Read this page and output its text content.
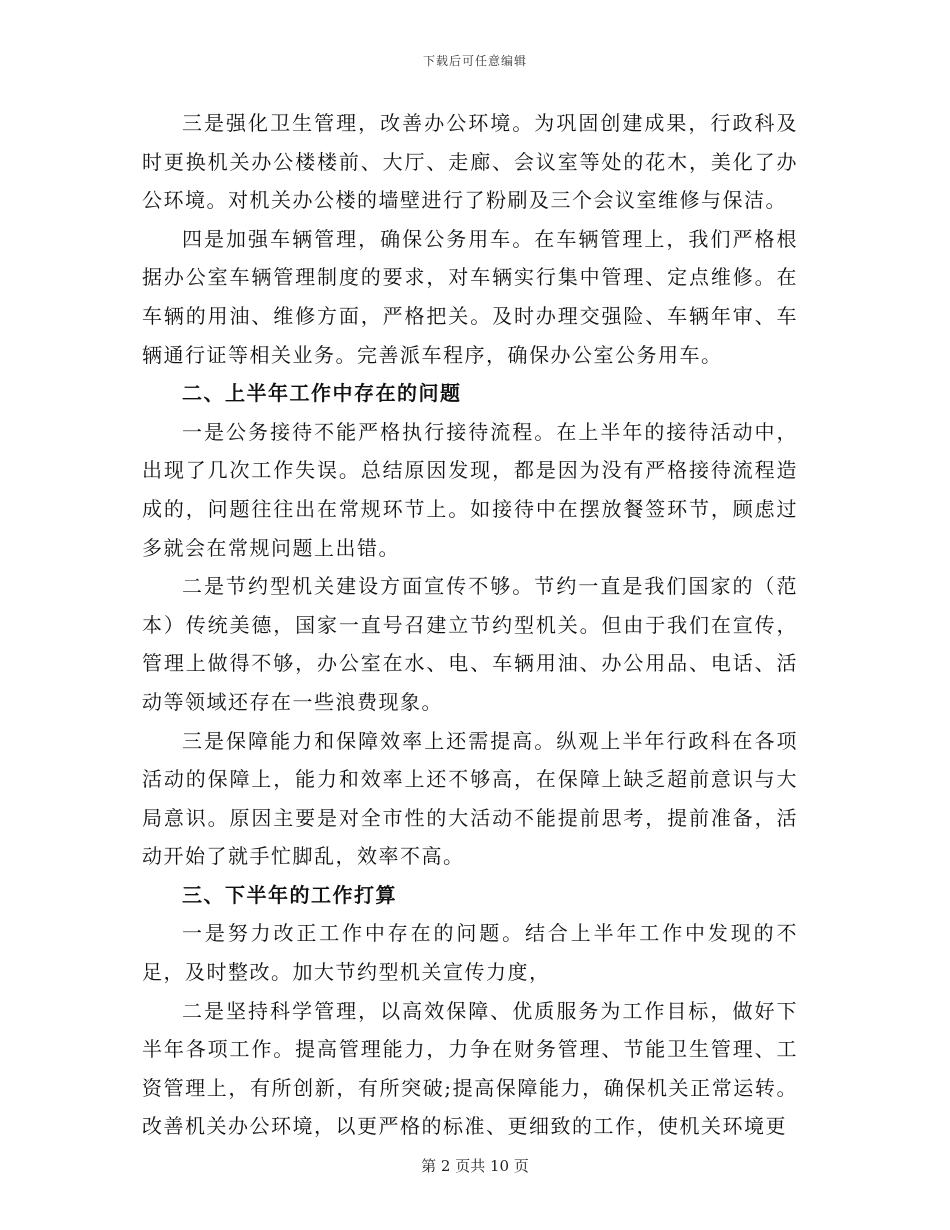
下载后可任意编辑

三是强化卫生管理，改善办公环境。为巩固创建成果，行政科及时更换机关办公楼楼前、大厅、走廊、会议室等处的花木，美化了办公环境。对机关办公楼的墙壁进行了粉刷及三个会议室维修与保洁。

四是加强车辆管理，确保公务用车。在车辆管理上，我们严格根据办公室车辆管理制度的要求，对车辆实行集中管理、定点维修。在车辆的用油、维修方面，严格把关。及时办理交强险、车辆年审、车辆通行证等相关业务。完善派车程序，确保办公室公务用车。

二、上半年工作中存在的问题

一是公务接待不能严格执行接待流程。在上半年的接待活动中，出现了几次工作失误。总结原因发现，都是因为没有严格接待流程造成的，问题往往出在常规环节上。如接待中在摆放餐签环节，顾虑过多就会在常规问题上出错。

二是节约型机关建设方面宣传不够。节约一直是我们国家的（范本）传统美德，国家一直号召建立节约型机关。但由于我们在宣传，管理上做得不够，办公室在水、电、车辆用油、办公用品、电话、活动等领域还存在一些浪费现象。

三是保障能力和保障效率上还需提高。纵观上半年行政科在各项活动的保障上，能力和效率上还不够高，在保障上缺乏超前意识与大局意识。原因主要是对全市性的大活动不能提前思考，提前准备，活动开始了就手忙脚乱，效率不高。

三、下半年的工作打算

一是努力改正工作中存在的问题。结合上半年工作中发现的不足，及时整改。加大节约型机关宣传力度，

二是坚持科学管理，以高效保障、优质服务为工作目标，做好下半年各项工作。提高管理能力，力争在财务管理、节能卫生管理、工资管理上，有所创新，有所突破;提高保障能力，确保机关正常运转。改善机关办公环境，以更严格的标准、更细致的工作，使机关环境更

第 2 页共 10 页
